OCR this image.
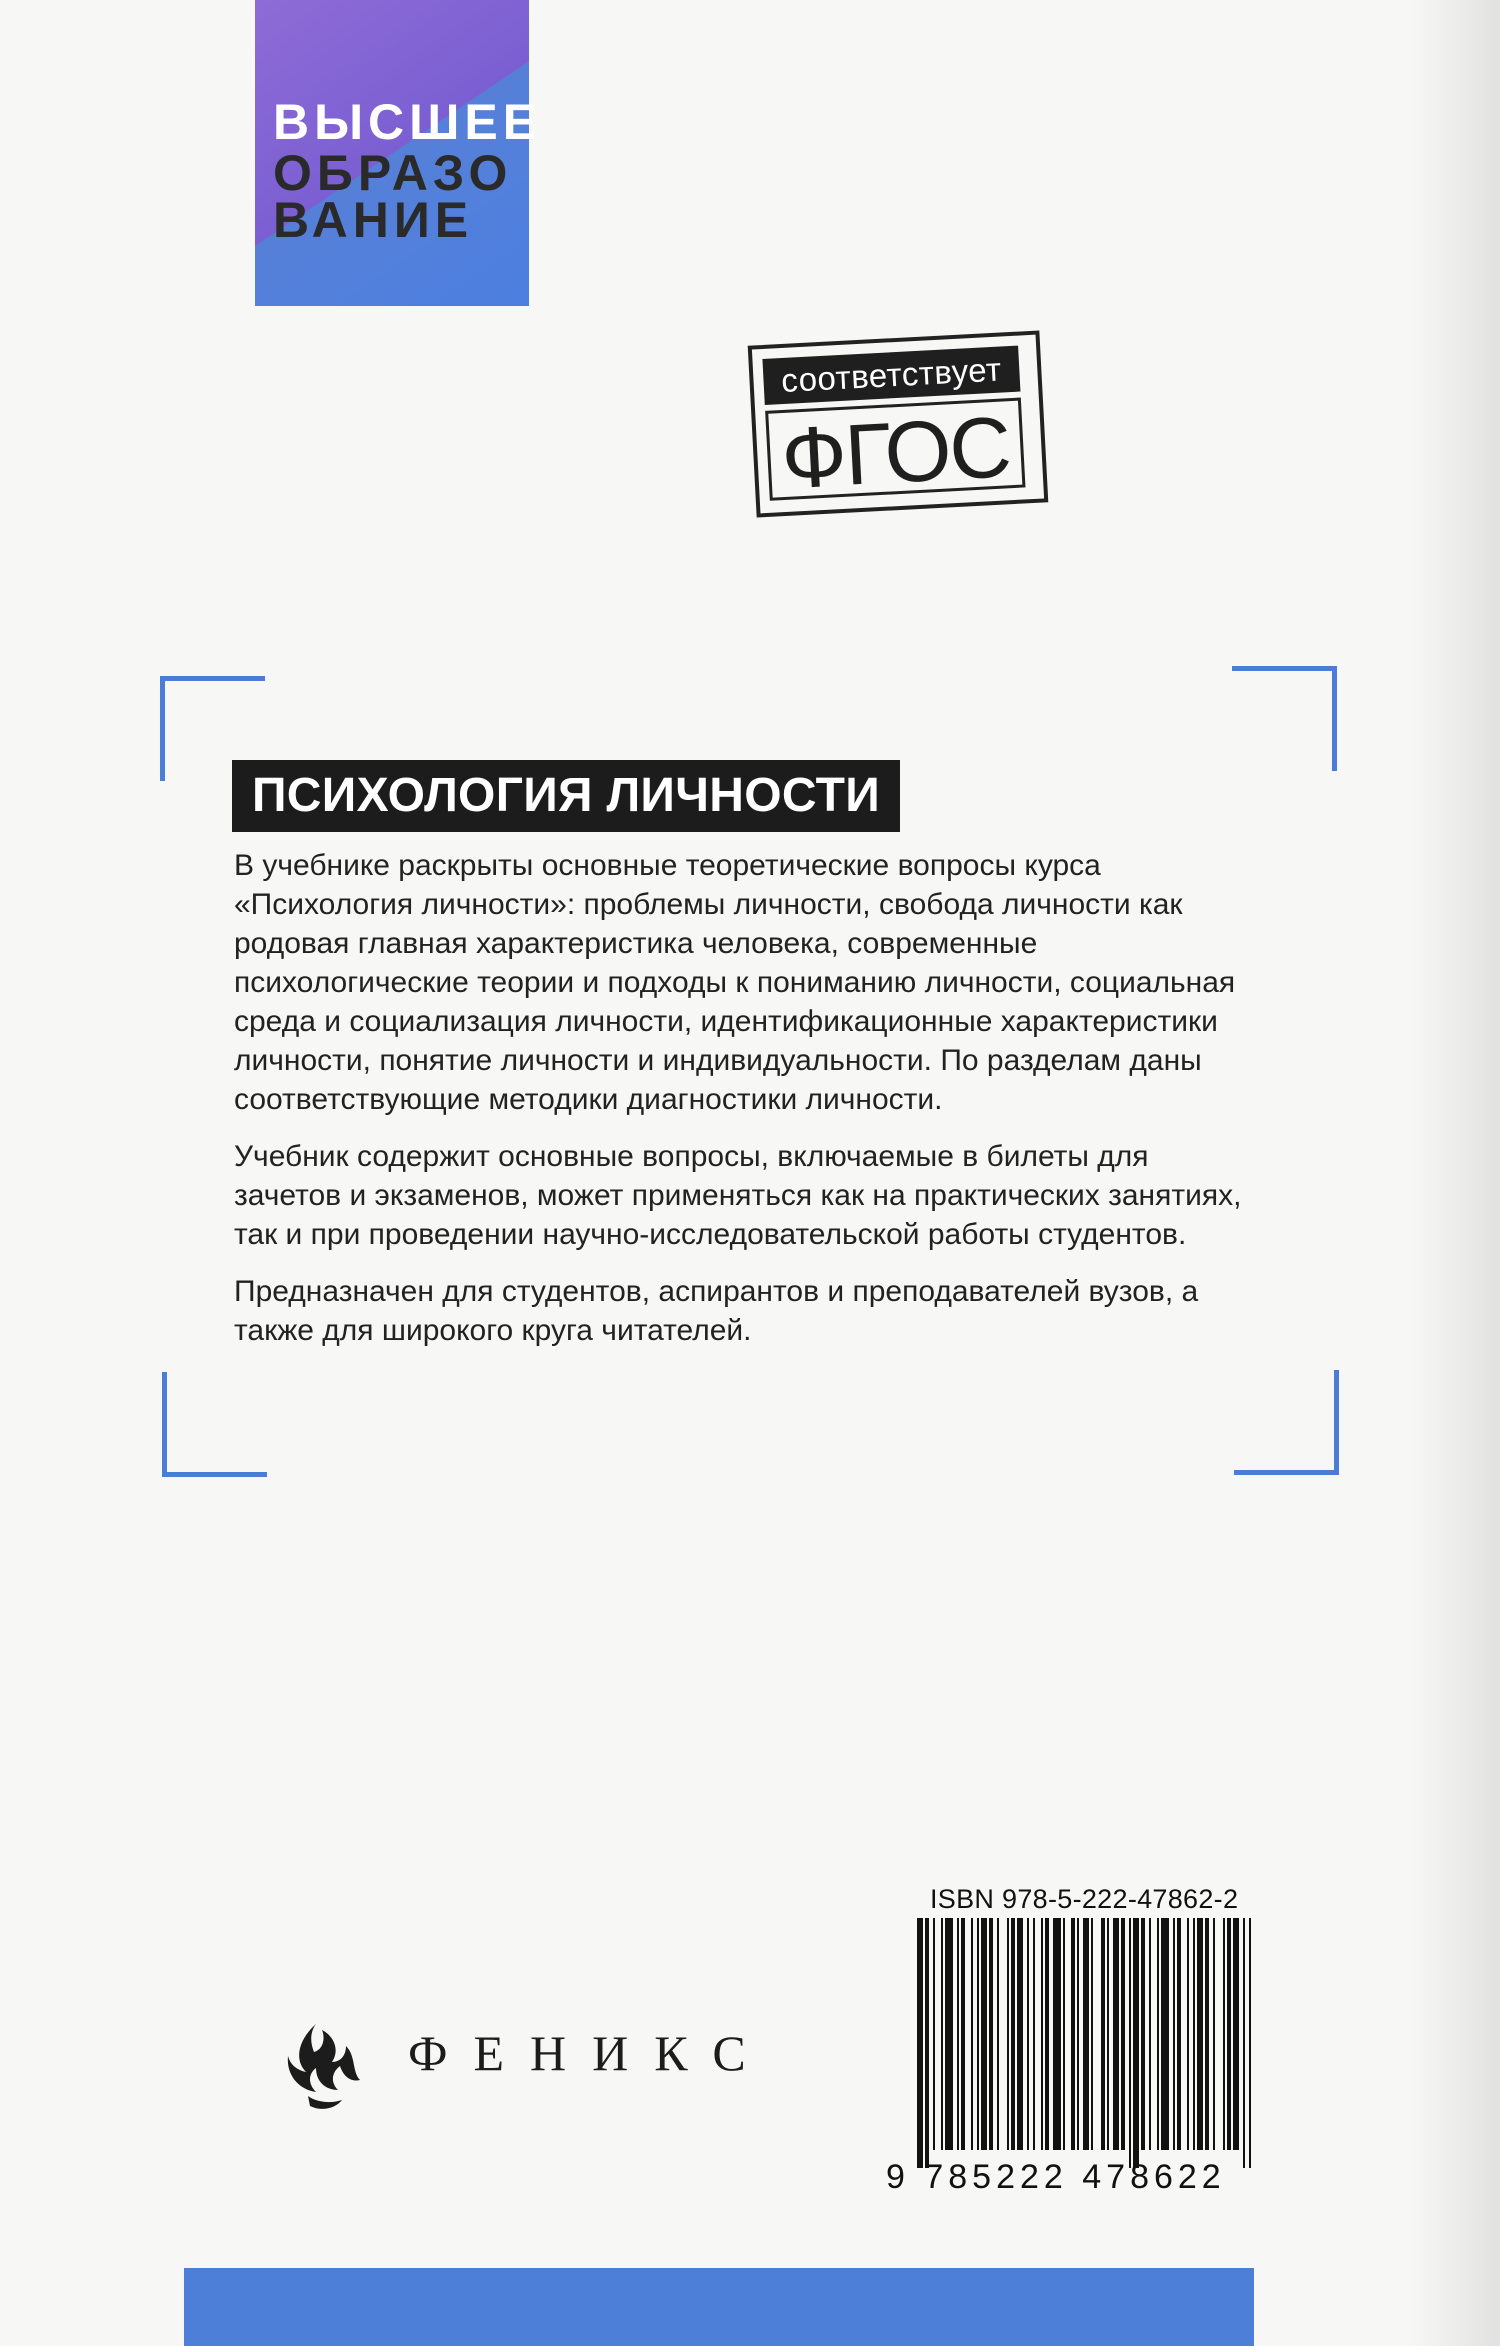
ВЫСШЕЕ
ОБРАЗО
ВАНИЕ
соответствует
ФГОС
ПСИХОЛОГИЯ ЛИЧНОСТИ

В учебнике раскрыты основные теоретические вопросы курса «Психология личности»: проблемы личности, свобода личности как родовая главная характеристика человека, современные психологические теории и подходы к пониманию личности, социальная среда и социализация личности, идентификационные характеристики личности, понятие личности и индивидуальности. По разделам даны соответствующие методики диагностики личности.

Учебник содержит основные вопросы, включаемые в билеты для зачетов и экзаменов, может применяться как на практических занятиях, так и при проведении научно-исследовательской работы студентов.

Предназначен для студентов, аспирантов и преподавателей вузов, а также для широкого круга читателей.

ФЕНИКС
ISBN 978-5-222-47862-2
9 785222 478622
